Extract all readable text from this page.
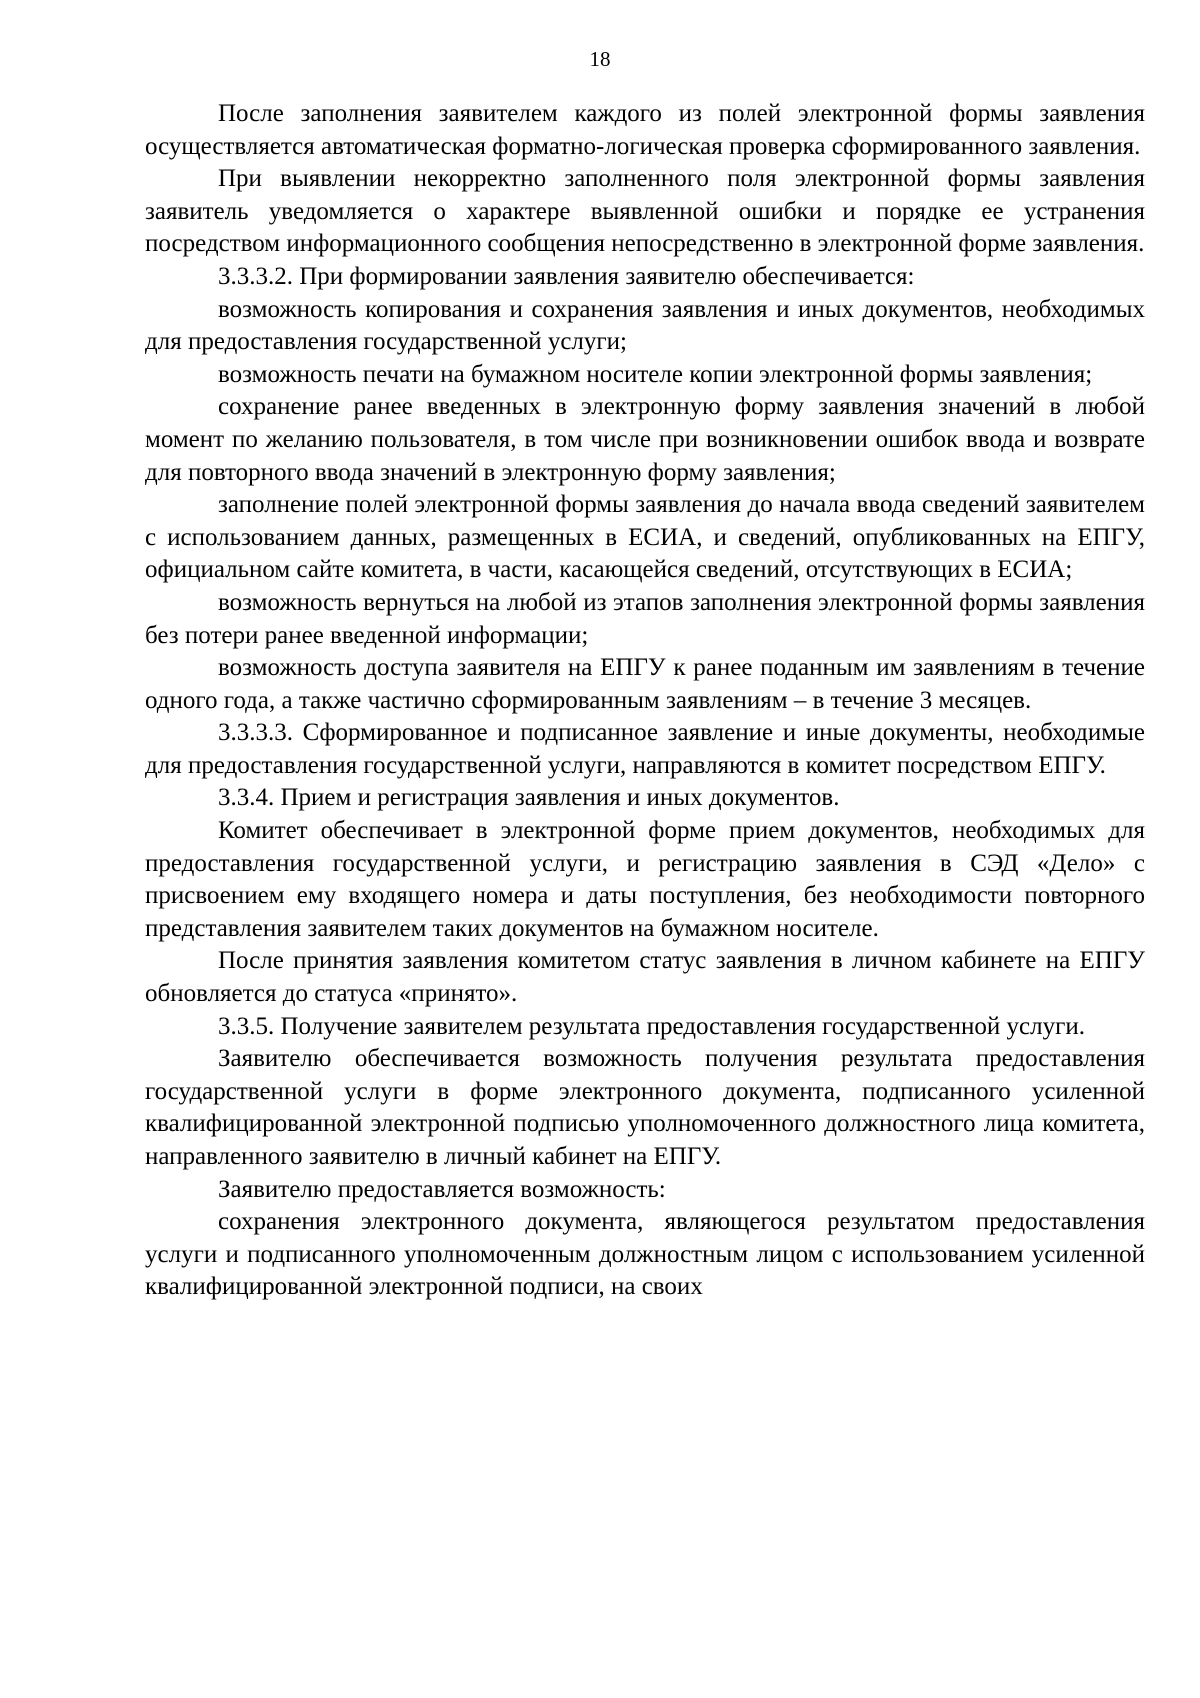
18

После заполнения заявителем каждого из полей электронной формы заявления осуществляется автоматическая форматно-логическая проверка сформированного заявления.

При выявлении некорректно заполненного поля электронной формы заявления заявитель уведомляется о характере выявленной ошибки и порядке ее устранения посредством информационного сообщения непосредственно в электронной форме заявления.

3.3.3.2. При формировании заявления заявителю обеспечивается:

возможность копирования и сохранения заявления и иных документов, необходимых для предоставления государственной услуги;

возможность печати на бумажном носителе копии электронной формы заявления;

сохранение ранее введенных в электронную форму заявления значений в любой момент по желанию пользователя, в том числе при возникновении ошибок ввода и возврате для повторного ввода значений в электронную форму заявления;

заполнение полей электронной формы заявления до начала ввода сведений заявителем с использованием данных, размещенных в ЕСИА, и сведений, опубликованных на ЕПГУ, официальном сайте комитета, в части, касающейся сведений, отсутствующих в ЕСИА;

возможность вернуться на любой из этапов заполнения электронной формы заявления без потери ранее введенной информации;

возможность доступа заявителя на ЕПГУ к ранее поданным им заявлениям в течение одного года, а также частично сформированным заявлениям – в течение 3 месяцев.

3.3.3.3. Сформированное и подписанное заявление и иные документы, необходимые для предоставления государственной услуги, направляются в комитет посредством ЕПГУ.

3.3.4. Прием и регистрация заявления и иных документов.

Комитет обеспечивает в электронной форме прием документов, необходимых для предоставления государственной услуги, и регистрацию заявления в СЭД «Дело» с присвоением ему входящего номера и даты поступления, без необходимости повторного представления заявителем таких документов на бумажном носителе.

После принятия заявления комитетом статус заявления в личном кабинете на ЕПГУ обновляется до статуса «принято».

3.3.5. Получение заявителем результата предоставления государственной услуги.

Заявителю обеспечивается возможность получения результата предоставления государственной услуги в форме электронного документа, подписанного усиленной квалифицированной электронной подписью уполномоченного должностного лица комитета, направленного заявителю в личный кабинет на ЕПГУ.

Заявителю предоставляется возможность:

сохранения электронного документа, являющегося результатом предоставления услуги и подписанного уполномоченным должностным лицом с использованием усиленной квалифицированной электронной подписи, на своих
